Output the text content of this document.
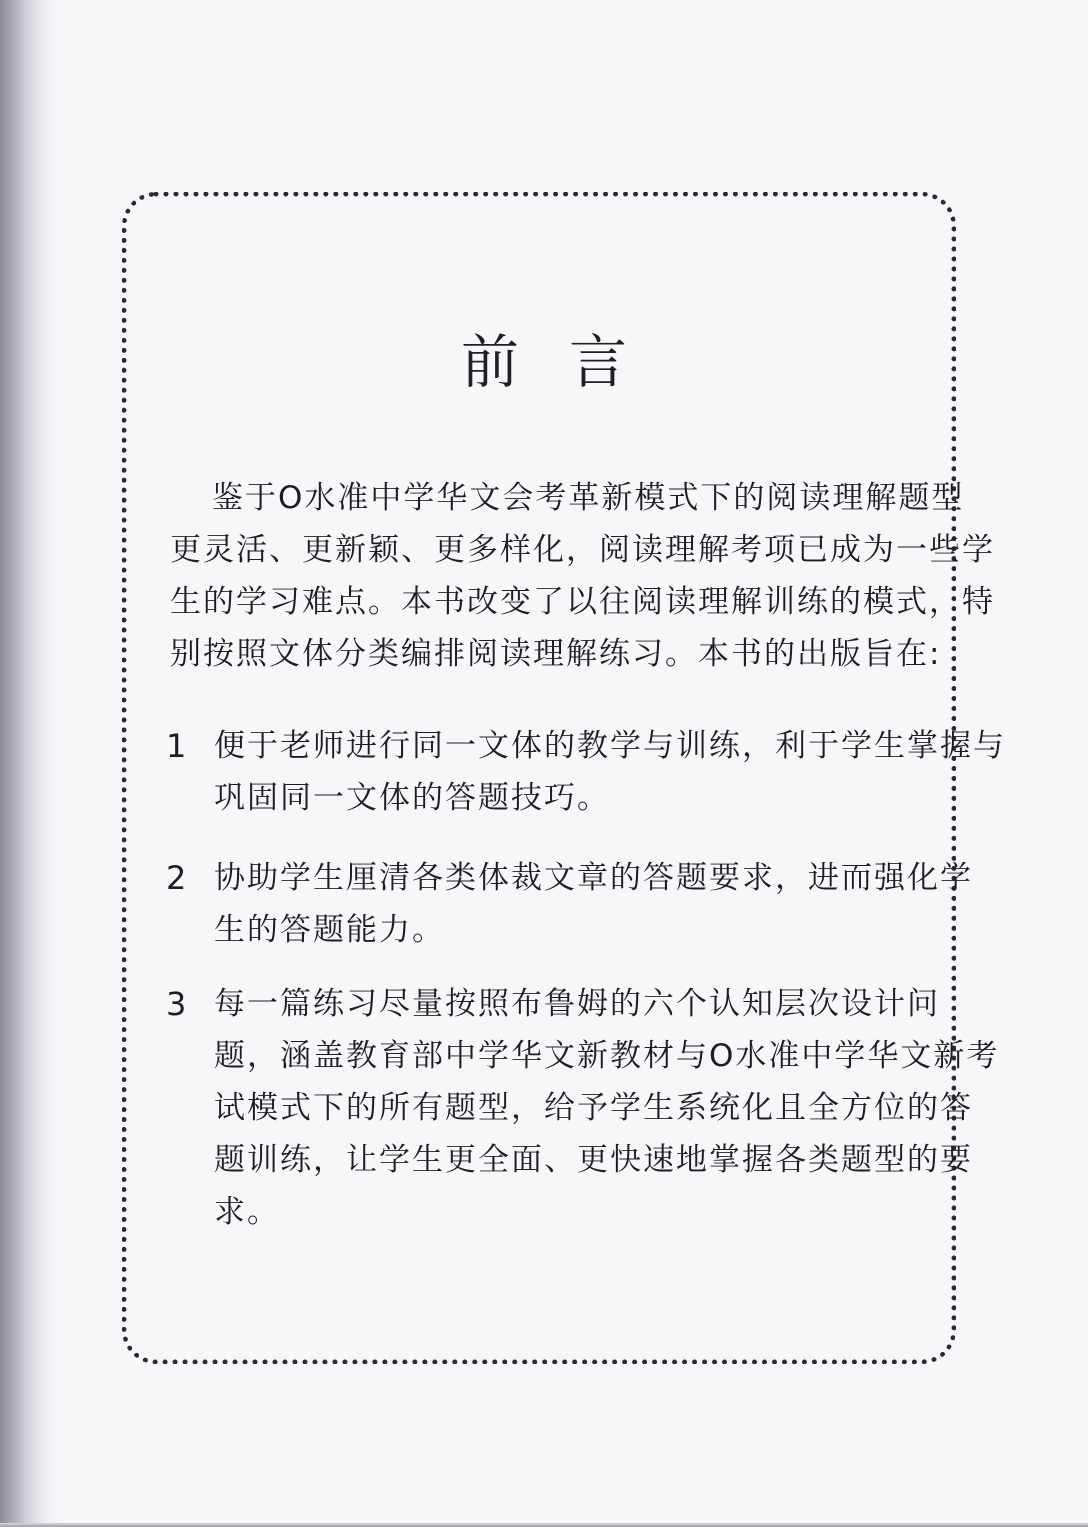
前言
鉴于O水准中学华文会考革新模式下的阅读理解题型
更灵活、更新颖、更多样化，阅读理解考项已成为一些学
生的学习难点。本书改变了以往阅读理解训练的模式，特
别按照文体分类编排阅读理解练习。本书的出版旨在:
1 便于老师进行同一文体的教学与训练，利于学生掌握与
巩固同一文体的答题技巧。
2 协助学生厘清各类体裁文章的答题要求，进而强化学
生的答题能力。
3 每一篇练习尽量按照布鲁姆的六个认知层次设计问
题，涵盖教育部中学华文新教材与O水准中学华文新考
试模式下的所有题型，给予学生系统化且全方位的答
题训练，让学生更全面、更快速地掌握各类题型的要
求。
